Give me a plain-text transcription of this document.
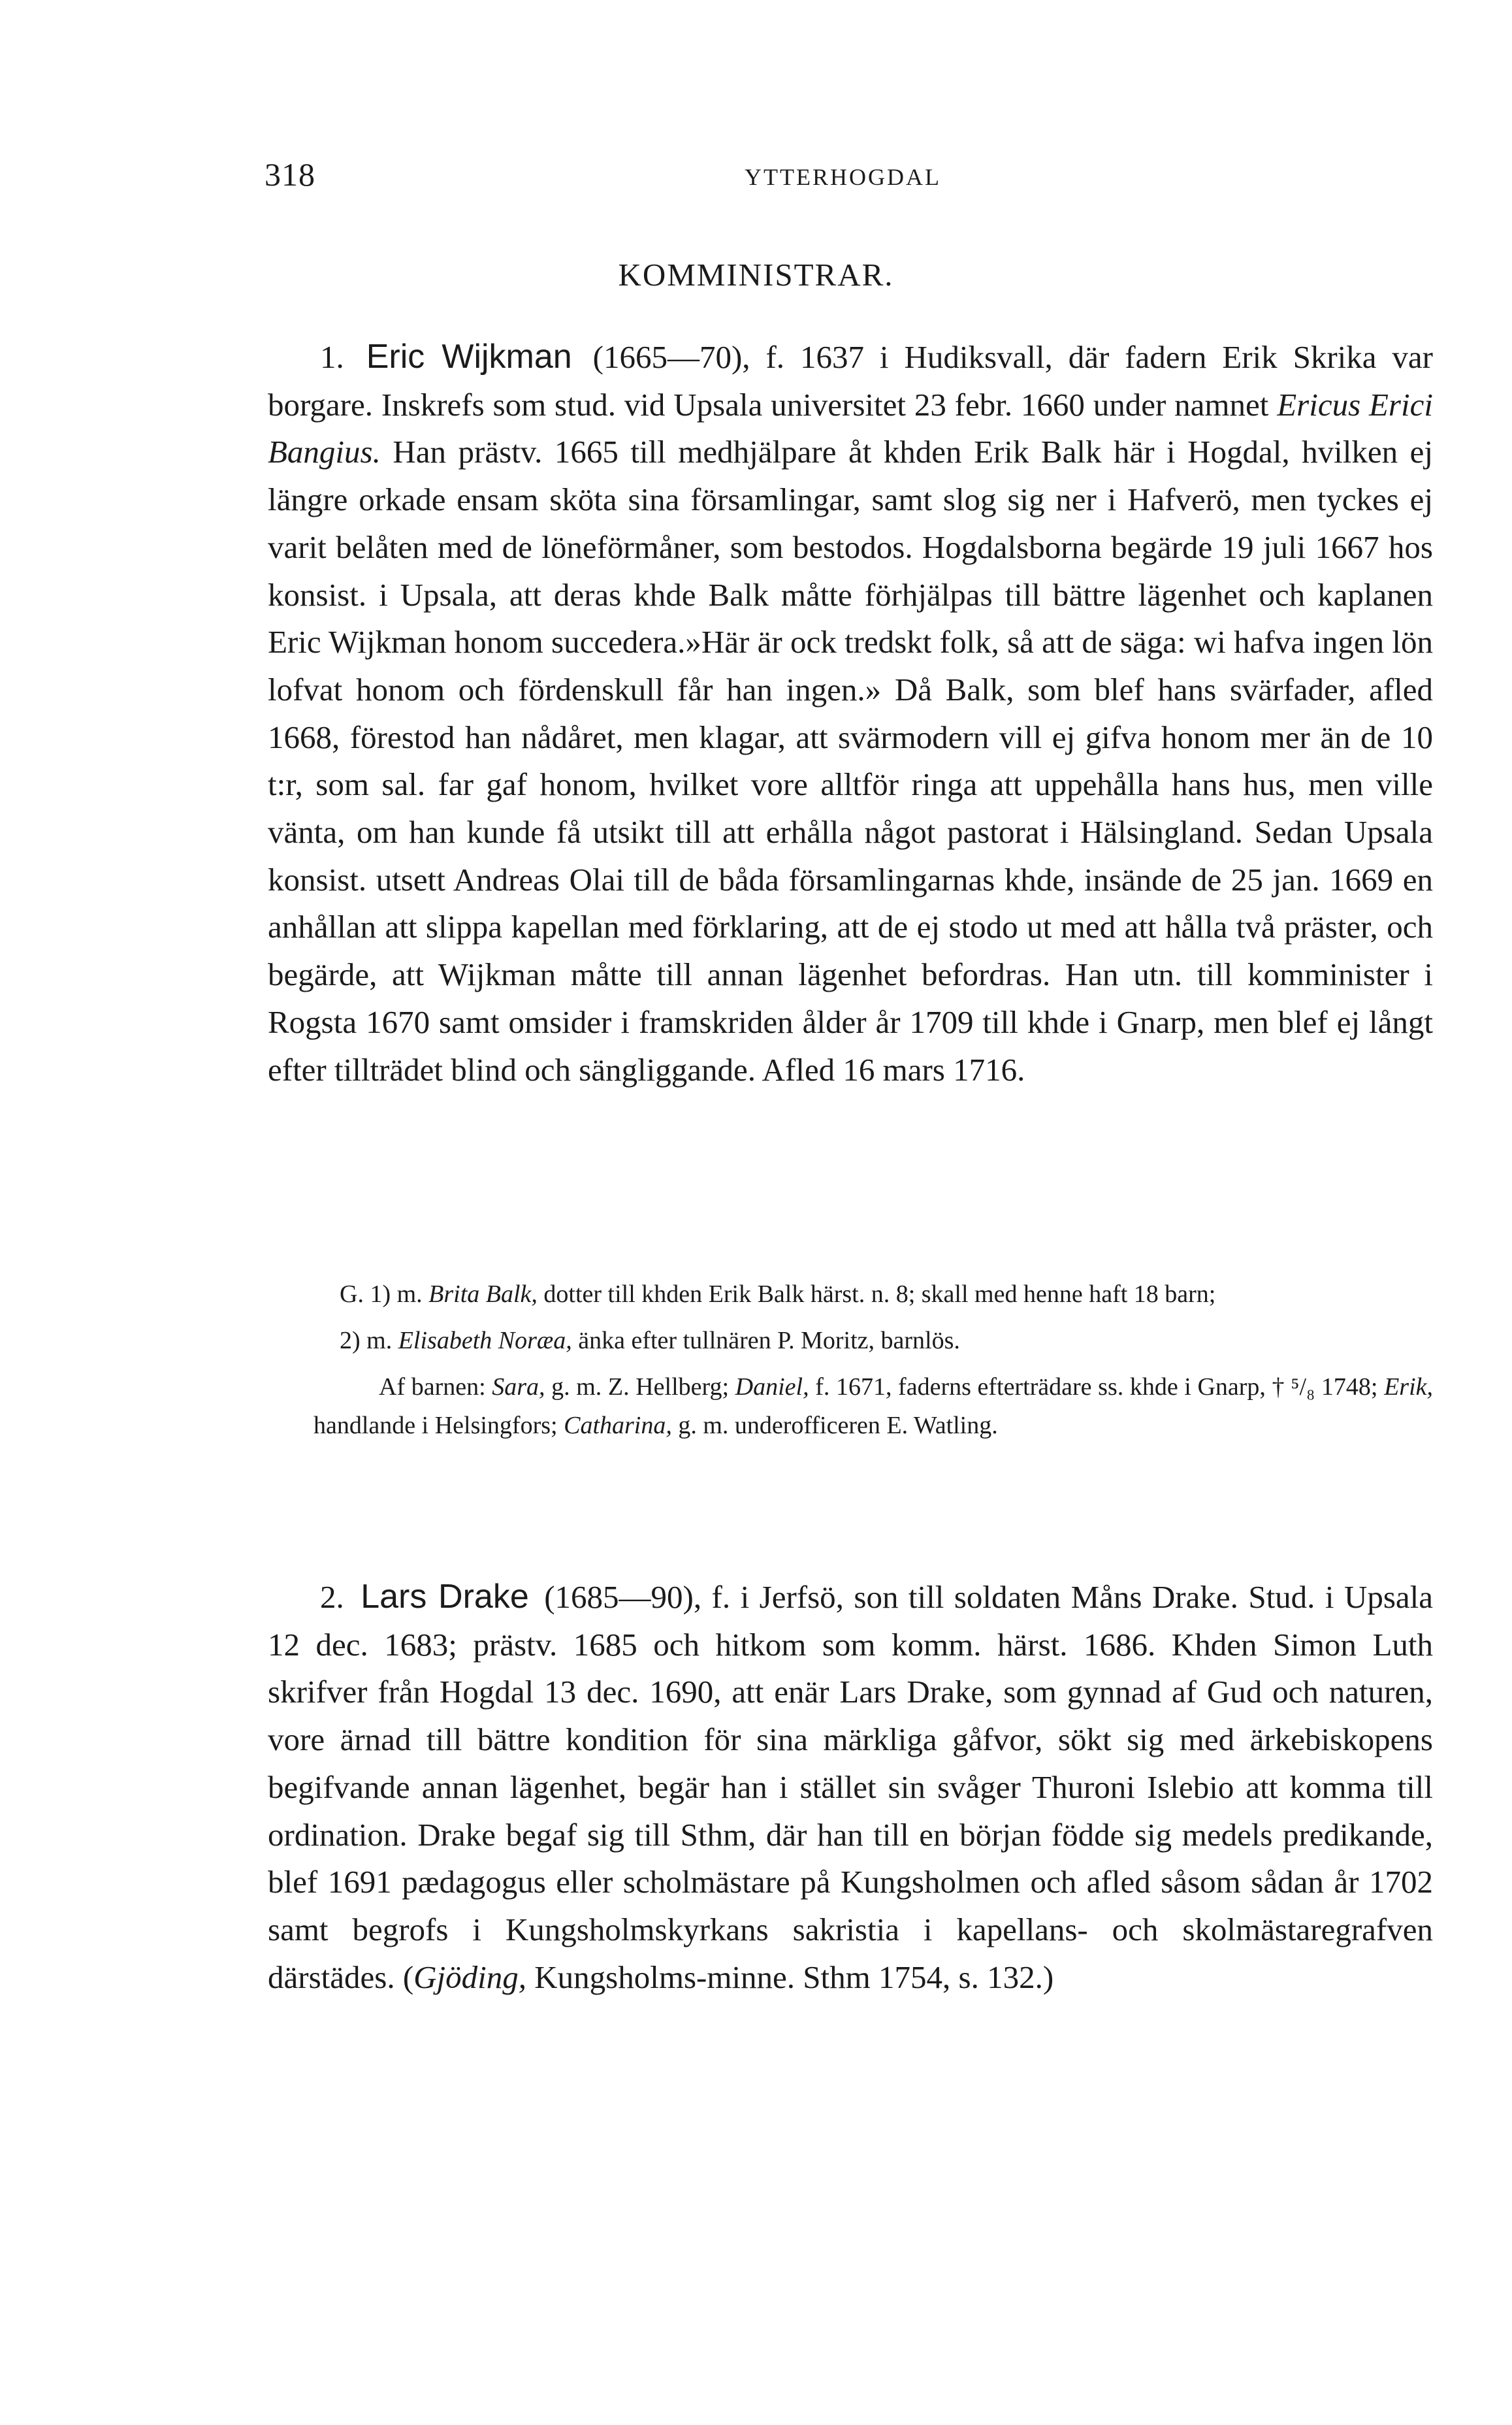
318	YTTERHOGDAL
KOMMINISTRAR.

1. Eric Wijkman (1665—70), f. 1637 i Hudiksvall, där fadern Erik Skrika var borgare. Inskrefs som stud. vid Upsala universitet 23 febr. 1660 under namnet Ericus Erici Bangius. Han prästv. 1665 till medhjälpare åt khden Erik Balk här i Hogdal, hvilken ej längre orkade ensam sköta sina församlingar, samt slog sig ner i Hafverö, men tyckes ej varit belåten med de löneförmåner, som bestodos. Hogdalsborna begärde 19 juli 1667 hos konsist. i Upsala, att deras khde Balk måtte förhjälpas till bättre lägenhet och kaplanen Eric Wijkman honom succedera.»Här är ock tredskt folk, så att de säga: wi hafva ingen lön lofvat honom och fördenskull får han ingen.» Då Balk, som blef hans svärfader, afled 1668, förestod han nådåret, men klagar, att svärmodern vill ej gifva honom mer än de 10 t:r, som sal. far gaf honom, hvilket vore alltför ringa att uppehålla hans hus, men ville vänta, om han kunde få utsikt till att erhålla något pastorat i Hälsingland. Sedan Upsala konsist. utsett Andreas Olai till de båda församlingarnas khde, insände de 25 jan. 1669 en anhållan att slippa kapellan med förklaring, att de ej stodo ut med att hålla två präster, och begärde, att Wijkman måtte till annan lägenhet befordras. Han utn. till komminister i Rogsta 1670 samt omsider i framskriden ålder år 1709 till khde i Gnarp, men blef ej långt efter tillträdet blind och sängliggande. Afled 16 mars 1716.

G. 1) m. Brita Balk, dotter till khden Erik Balk härst. n. 8; skall med henne haft 18 barn;

2) m. Elisabeth Noræa, änka efter tullnären P. Moritz, barnlös.

Af barnen: Sara, g. m. Z. Hellberg; Daniel, f. 1671, faderns efterträdare ss. khde i Gnarp, † ⁵/₈ 1748; Erik, handlande i Helsingfors; Catharina, g. m. underofficeren E. Watling.

2. Lars Drake (1685—90), f. i Jerfsö, son till soldaten Måns Drake. Stud. i Upsala 12 dec. 1683; prästv. 1685 och hitkom som komm. härst. 1686. Khden Simon Luth skrifver från Hogdal 13 dec. 1690, att enär Lars Drake, som gynnad af Gud och naturen, vore ärnad till bättre kondition för sina märkliga gåfvor, sökt sig med ärkebiskopens begifvande annan lägenhet, begär han i stället sin svåger Thuroni Islebio att komma till ordination. Drake begaf sig till Sthm, där han till en början födde sig medels predikande, blef 1691 pædagogus eller scholmästare på Kungsholmen och afled såsom sådan år 1702 samt begrofs i Kungsholmskyrkans sakristia i kapellans- och skolmästaregrafven därstädes. (Gjöding, Kungsholms-minne. Sthm 1754, s. 132.)
